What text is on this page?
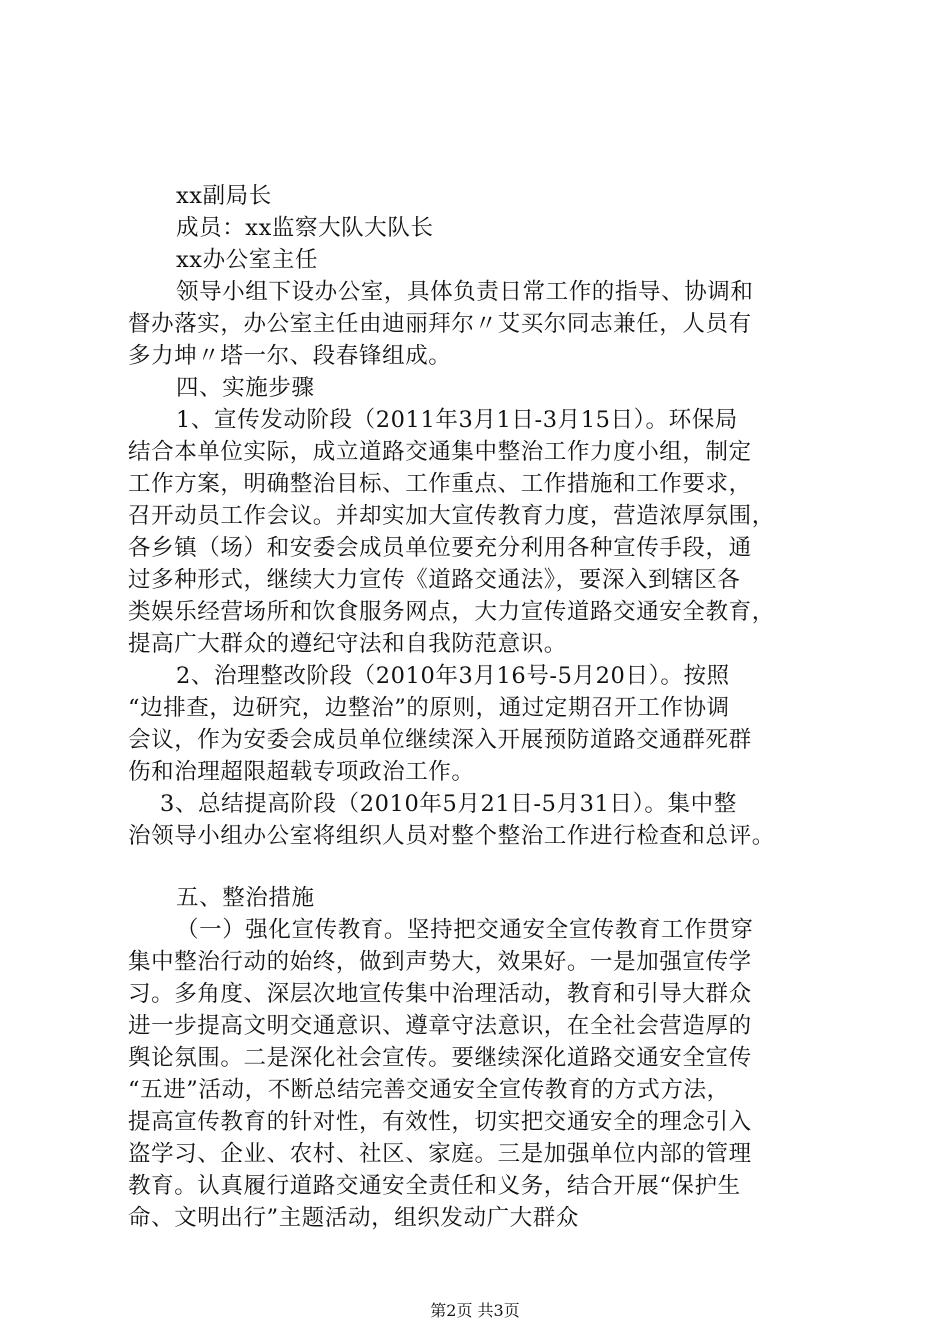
xx副局长
成员：xx监察大队大队长
xx办公室主任
领导小组下设办公室，具体负责日常工作的指导、协调和
督办落实，办公室主任由迪丽拜尔〃艾买尔同志兼任，人员有
多力坤〃塔一尔、段春锋组成。
四、实施步骤
1、宣传发动阶段（2011年3月1日-3月15日）。环保局
结合本单位实际，成立道路交通集中整治工作力度小组，制定
工作方案，明确整治目标、工作重点、工作措施和工作要求，
召开动员工作会议。并却实加大宣传教育力度，营造浓厚氛围，
各乡镇（场）和安委会成员单位要充分利用各种宣传手段，通
过多种形式，继续大力宣传《道路交通法》，要深入到辖区各
类娱乐经营场所和饮食服务网点，大力宣传道路交通安全教育，
提高广大群众的遵纪守法和自我防范意识。
2、治理整改阶段（2010年3月16号-5月20日）。按照
“边排查，边研究，边整治”的原则，通过定期召开工作协调
会议，作为安委会成员单位继续深入开展预防道路交通群死群
伤和治理超限超载专项政治工作。
3、总结提高阶段（2010年5月21日-5月31日）。集中整
治领导小组办公室将组织人员对整个整治工作进行检查和总评。
五、整治措施
（一）强化宣传教育。坚持把交通安全宣传教育工作贯穿
集中整治行动的始终，做到声势大，效果好。一是加强宣传学
习。多角度、深层次地宣传集中治理活动，教育和引导大群众
进一步提高文明交通意识、遵章守法意识，在全社会营造厚的
舆论氛围。二是深化社会宣传。要继续深化道路交通安全宣传
“五进”活动，不断总结完善交通安全宣传教育的方式方法，
提高宣传教育的针对性，有效性，切实把交通安全的理念引入
盗学习、企业、农村、社区、家庭。三是加强单位内部的管理
教育。认真履行道路交通安全责任和义务，结合开展“保护生
命、文明出行”主题活动，组织发动广大群众
第2页 共3页
